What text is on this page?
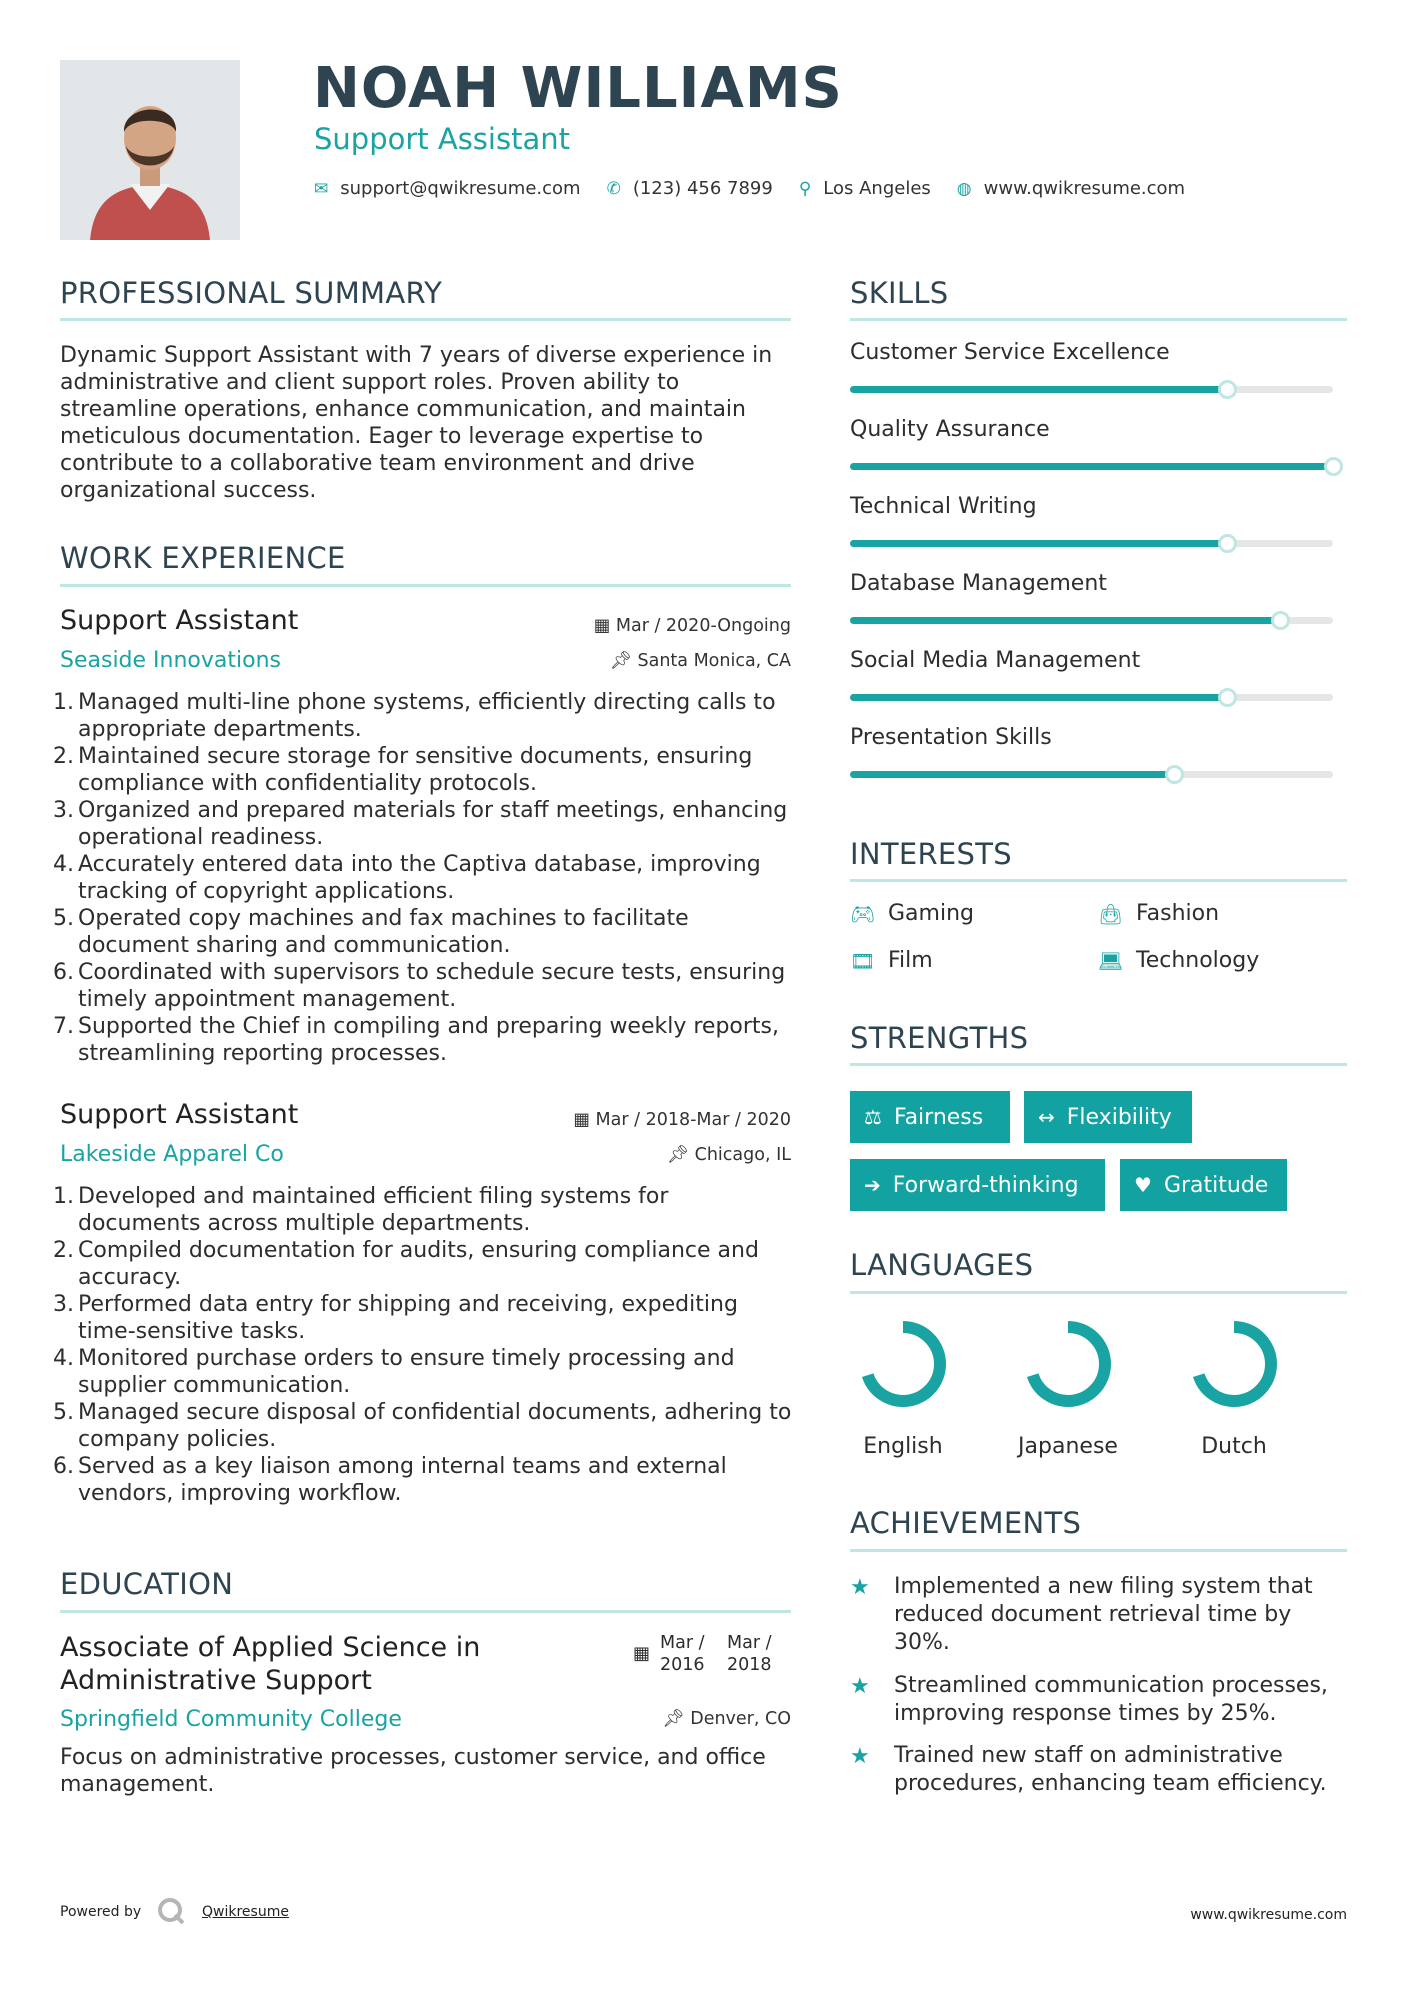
NOAH WILLIAMS
Support Assistant
✉ support@qwikresume.com ✆ (123) 456 7899 ⚲ Los Angeles ◍ www.qwikresume.com
PROFESSIONAL SUMMARY
Dynamic Support Assistant with 7 years of diverse experience in administrative and client support roles. Proven ability to streamline operations, enhance communication, and maintain meticulous documentation. Eager to leverage expertise to contribute to a collaborative team environment and drive organizational success.
WORK EXPERIENCE
Support Assistant	▦ Mar / 2020-Ongoing
Seaside Innovations	📌︎ Santa Monica, CA
1. Managed multi-line phone systems, efficiently directing calls to appropriate departments.
2. Maintained secure storage for sensitive documents, ensuring compliance with confidentiality protocols.
3. Organized and prepared materials for staff meetings, enhancing operational readiness.
4. Accurately entered data into the Captiva database, improving tracking of copyright applications.
5. Operated copy machines and fax machines to facilitate document sharing and communication.
6. Coordinated with supervisors to schedule secure tests, ensuring timely appointment management.
7. Supported the Chief in compiling and preparing weekly reports, streamlining reporting processes.
Support Assistant	▦ Mar / 2018-Mar / 2020
Lakeside Apparel Co	📌︎ Chicago, IL
1. Developed and maintained efficient filing systems for documents across multiple departments.
2. Compiled documentation for audits, ensuring compliance and accuracy.
3. Performed data entry for shipping and receiving, expediting time-sensitive tasks.
4. Monitored purchase orders to ensure timely processing and supplier communication.
5. Managed secure disposal of confidential documents, adhering to company policies.
6. Served as a key liaison among internal teams and external vendors, improving workflow.
EDUCATION
Associate of Applied Science in Administrative Support
▦ Mar / 2016
Mar / 2018
Springfield Community College	📌︎ Denver, CO
Focus on administrative processes, customer service, and office management.
SKILLS
Customer Service Excellence
Quality Assurance
Technical Writing
Database Management
Social Media Management
Presentation Skills
INTERESTS
🎮︎ Gaming	👜︎ Fashion
🎞︎ Film	💻︎ Technology
STRENGTHS
⚖ Fairness	↔ Flexibility
➔ Forward-thinking	♥ Gratitude
LANGUAGES
English	Japanese	Dutch
ACHIEVEMENTS
★	Implemented a new filing system that reduced document retrieval time by 30%.
★	Streamlined communication processes, improving response times by 25%.
★	Trained new staff on administrative procedures, enhancing team efficiency.
Powered by	Qwikresume	www.qwikresume.com
